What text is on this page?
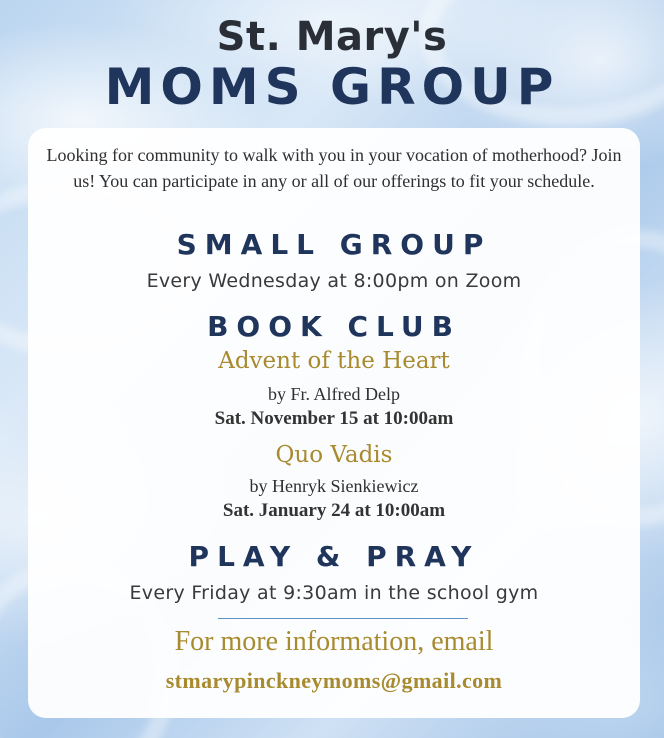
St. Mary's
MOMS GROUP
Looking for community to walk with you in your vocation of motherhood? Join us! You can participate in any or all of our offerings to fit your schedule.
SMALL GROUP
Every Wednesday at 8:00pm on Zoom
BOOK CLUB
Advent of the Heart
by Fr. Alfred Delp
Sat. November 15 at 10:00am
Quo Vadis
by Henryk Sienkiewicz
Sat. January 24 at 10:00am
PLAY & PRAY
Every Friday at 9:30am in the school gym
For more information, email
stmarypinckneymoms@gmail.com
